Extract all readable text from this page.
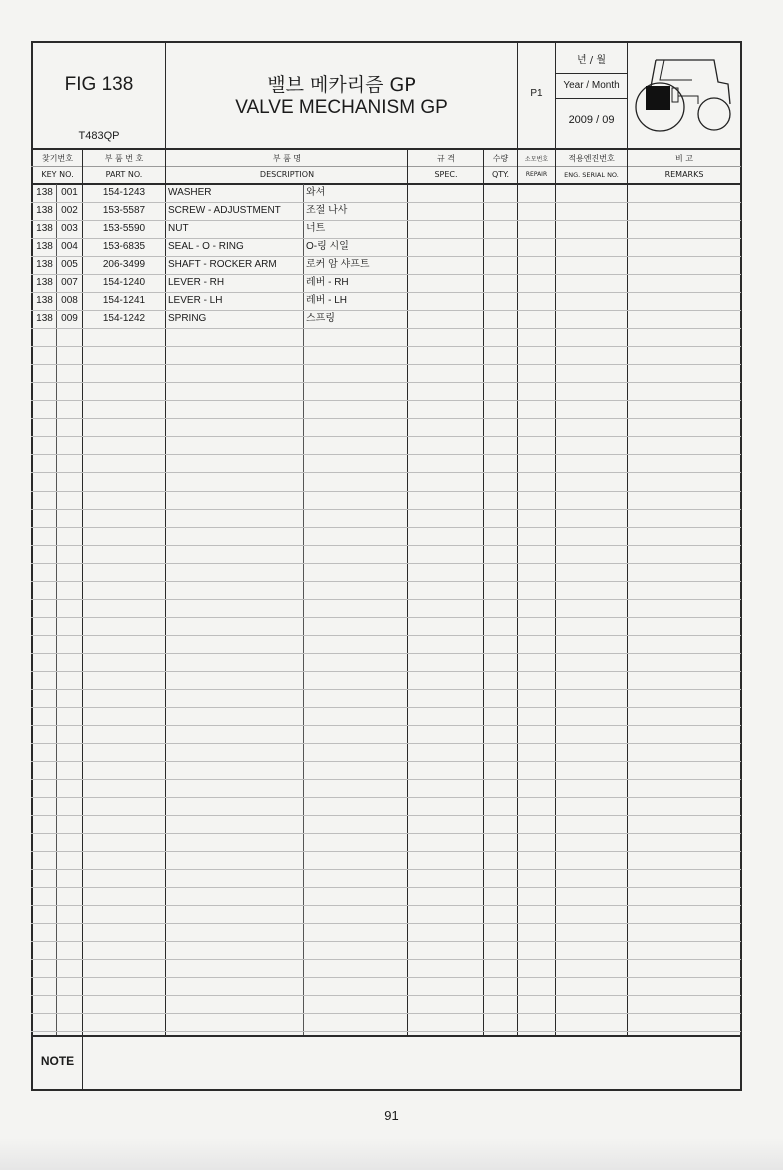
FIG 138
T483QP
밸브 메카리즘 GP
VALVE MECHANISM GP
P1
년 / 월
Year / Month
2009 / 09
찾기번호
KEY NO.
부 품 번 호
PART NO.
부 품 명
DESCRIPTION
규 격
SPEC.
수량
QTY.
소모번호
REPAIR
적용엔진번호
ENG. SERIAL NO.
비 고
REMARKS
NOTE
138 001	154-1243	WASHER	와셔
138 002	153-5587	SCREW - ADJUSTMENT	조절 나사
138 003	153-5590	NUT	너트
138 004	153-6835	SEAL - O - RING	O-링 시일
138 005	206-3499	SHAFT - ROCKER ARM	로커 암 샤프트
138 007	154-1240	LEVER - RH	레버 - RH
138 008	154-1241	LEVER - LH	레버 - LH
138 009	154-1242	SPRING	스프링
91
